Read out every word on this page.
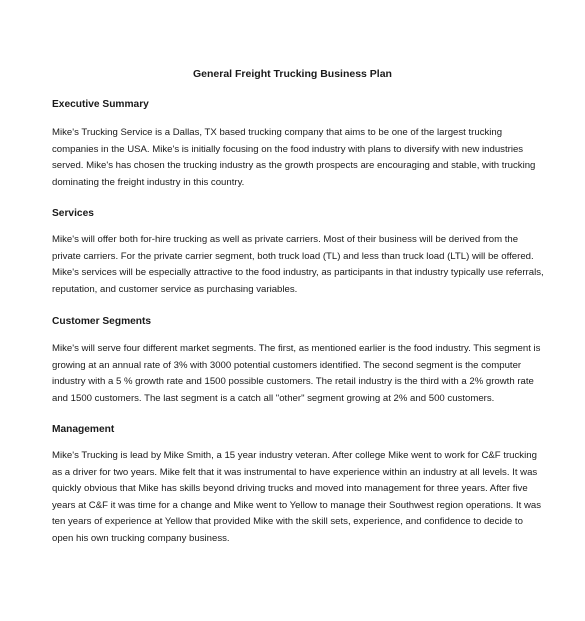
General Freight Trucking Business Plan
Executive Summary

Mike's Trucking Service is a Dallas, TX based trucking company that aims to be one of the largest trucking
companies in the USA. Mike's is initially focusing on the food industry with plans to diversify with new industries
served. Mike's has chosen the trucking industry as the growth prospects are encouraging and stable, with trucking
dominating the freight industry in this country.

Services

Mike's will offer both for-hire trucking as well as private carriers. Most of their business will be derived from the
private carriers. For the private carrier segment, both truck load (TL) and less than truck load (LTL) will be offered.
Mike's services will be especially attractive to the food industry, as participants in that industry typically use referrals,
reputation, and customer service as purchasing variables.

Customer Segments

Mike's will serve four different market segments. The first, as mentioned earlier is the food industry. This segment is
growing at an annual rate of 3% with 3000 potential customers identified. The second segment is the computer
industry with a 5 % growth rate and 1500 possible customers. The retail industry is the third with a 2% growth rate
and 1500 customers. The last segment is a catch all "other" segment growing at 2% and 500 customers.

Management

Mike's Trucking is lead by Mike Smith, a 15 year industry veteran. After college Mike went to work for C&F trucking
as a driver for two years. Mike felt that it was instrumental to have experience within an industry at all levels. It was
quickly obvious that Mike has skills beyond driving trucks and moved into management for three years. After five
years at C&F it was time for a change and Mike went to Yellow to manage their Southwest region operations. It was
ten years of experience at Yellow that provided Mike with the skill sets, experience, and confidence to decide to
open his own trucking company business.
